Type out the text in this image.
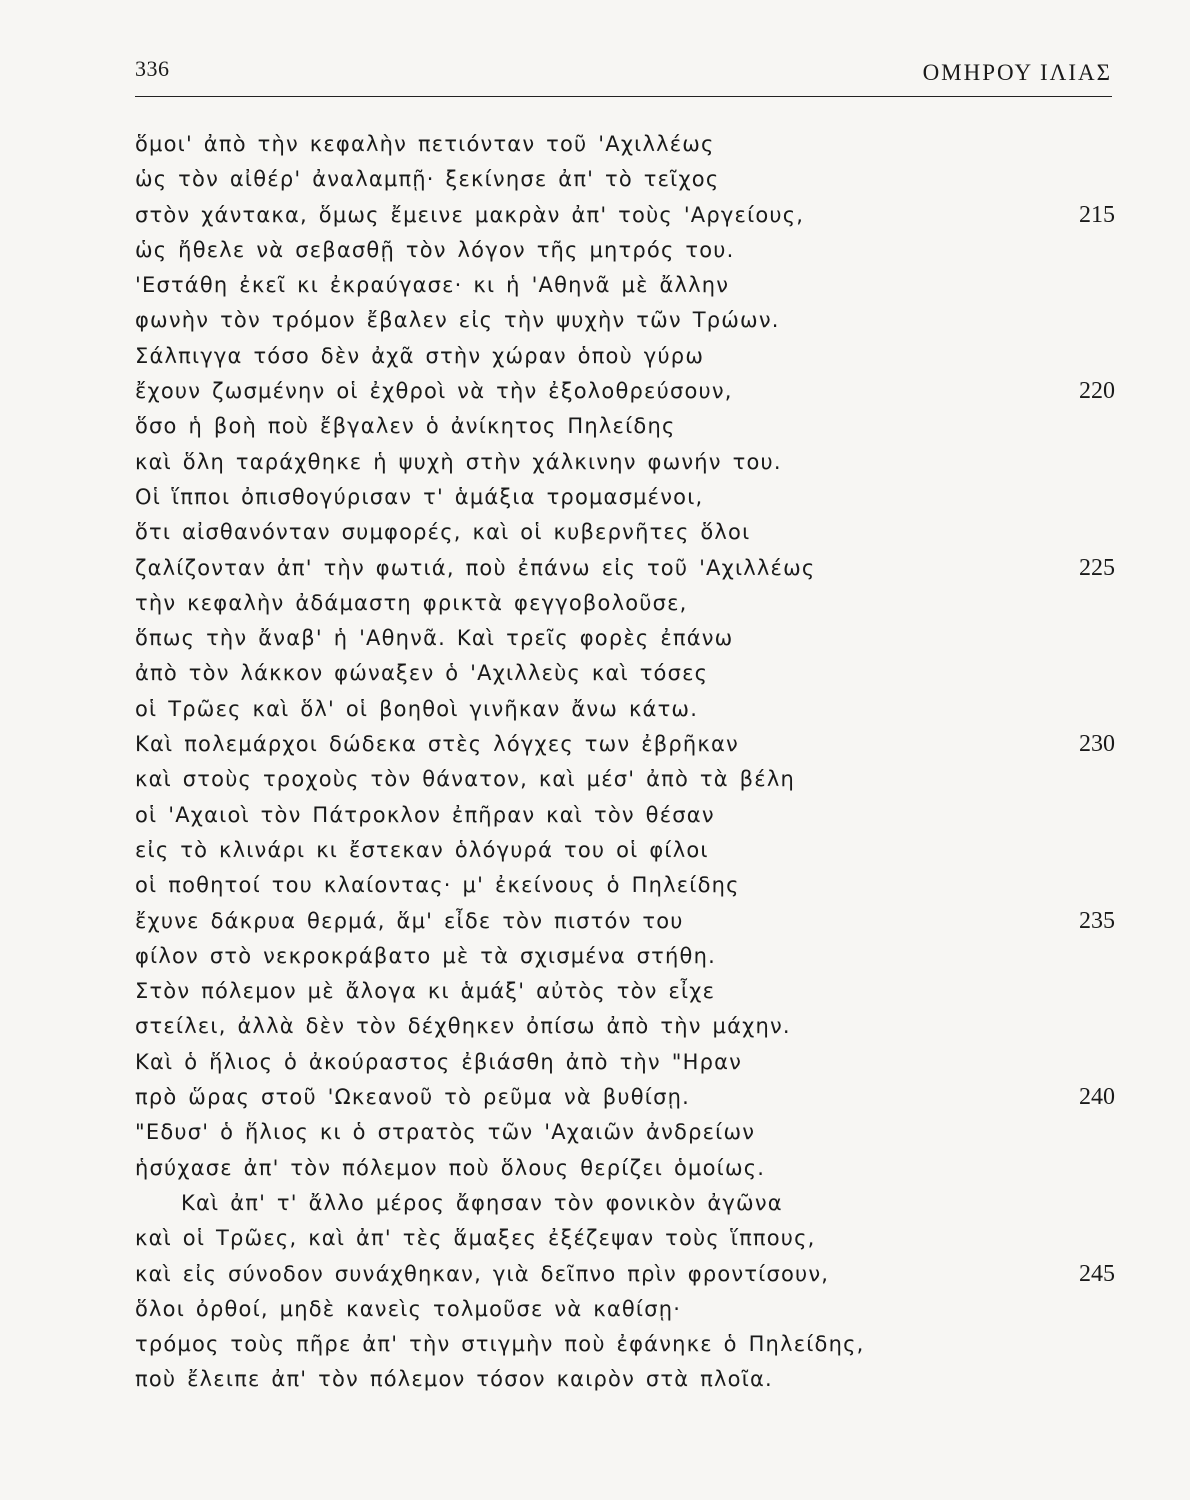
336	ΟΜΗΡΟΥ ΙΛΙΑΣ
ὅμοι' ἀπὸ τὴν κεφαλὴν πετιόνταν τοῦ 'Αχιλλέως
ὡς τὸν αἰθέρ' ἀναλαμπῇ· ξεκίνησε ἀπ' τὸ τεῖχος
στὸν χάντακα, ὅμως ἔμεινε μακρὰν ἀπ' τοὺς 'Αργείους,	215
ὡς ἤθελε νὰ σεβασθῇ τὸν λόγον τῆς μητρός του.
'Εστάθη ἐκεῖ κι ἐκραύγασε· κι ἡ 'Αθηνᾶ μὲ ἄλλην
φωνὴν τὸν τρόμον ἔβαλεν εἰς τὴν ψυχὴν τῶν Τρώων.
Σάλπιγγα τόσο δὲν ἀχᾶ στὴν χώραν ὁποὺ γύρω
ἔχουν ζωσμένην οἱ ἐχθροὶ νὰ τὴν ἐξολοθρεύσουν,	220
ὅσο ἡ βοὴ ποὺ ἔβγαλεν ὁ ἀνίκητος Πηλείδης
καὶ ὅλη ταράχθηκε ἡ ψυχὴ στὴν χάλκινην φωνήν του.
Οἱ ἵπποι ὀπισθογύρισαν τ' ἁμάξια τρομασμένοι,
ὅτι αἰσθανόνταν συμφορές, καὶ οἱ κυβερνῆτες ὅλοι
ζαλίζονταν ἀπ' τὴν φωτιά, ποὺ ἐπάνω εἰς τοῦ 'Αχιλλέως	225
τὴν κεφαλὴν ἀδάμαστη φρικτὰ φεγγοβολοῦσε,
ὅπως τὴν ἄναβ' ἡ 'Αθηνᾶ. Καὶ τρεῖς φορὲς ἐπάνω
ἀπὸ τὸν λάκκον φώναξεν ὁ 'Αχιλλεὺς καὶ τόσες
οἱ Τρῶες καὶ ὅλ' οἱ βοηθοὶ γινῆκαν ἄνω κάτω.
Καὶ πολεμάρχοι δώδεκα στὲς λόγχες των ἐβρῆκαν	230
καὶ στοὺς τροχοὺς τὸν θάνατον, καὶ μέσ' ἀπὸ τὰ βέλη
οἱ 'Αχαιοὶ τὸν Πάτροκλον ἐπῆραν καὶ τὸν θέσαν
εἰς τὸ κλινάρι κι ἔστεκαν ὁλόγυρά του οἱ φίλοι
οἱ ποθητοί του κλαίοντας· μ' ἐκείνους ὁ Πηλείδης
ἔχυνε δάκρυα θερμά, ἅμ' εἶδε τὸν πιστόν του	235
φίλον στὸ νεκροκράβατο μὲ τὰ σχισμένα στήθη.
Στὸν πόλεμον μὲ ἄλογα κι ἁμάξ' αὐτὸς τὸν εἶχε
στείλει, ἀλλὰ δὲν τὸν δέχθηκεν ὀπίσω ἀπὸ τὴν μάχην.
Καὶ ὁ ἥλιος ὁ ἀκούραστος ἐβιάσθη ἀπὸ τὴν "Ηραν
πρὸ ὥρας στοῦ 'Ωκεανοῦ τὸ ρεῦμα νὰ βυθίσῃ.	240
"Εδυσ' ὁ ἥλιος κι ὁ στρατὸς τῶν 'Αχαιῶν ἀνδρείων
ἡσύχασε ἀπ' τὸν πόλεμον ποὺ ὅλους θερίζει ὁμοίως.
Καὶ ἀπ' τ' ἄλλο μέρος ἄφησαν τὸν φονικὸν ἀγῶνα
καὶ οἱ Τρῶες, καὶ ἀπ' τὲς ἅμαξες ἐξέζεψαν τοὺς ἵππους,
καὶ εἰς σύνοδον συνάχθηκαν, γιὰ δεῖπνο πρὶν φροντίσουν,	245
ὅλοι ὀρθοί, μηδὲ κανεὶς τολμοῦσε νὰ καθίσῃ·
τρόμος τοὺς πῆρε ἀπ' τὴν στιγμὴν ποὺ ἐφάνηκε ὁ Πηλείδης,
ποὺ ἔλειπε ἀπ' τὸν πόλεμον τόσον καιρὸν στὰ πλοῖα.
